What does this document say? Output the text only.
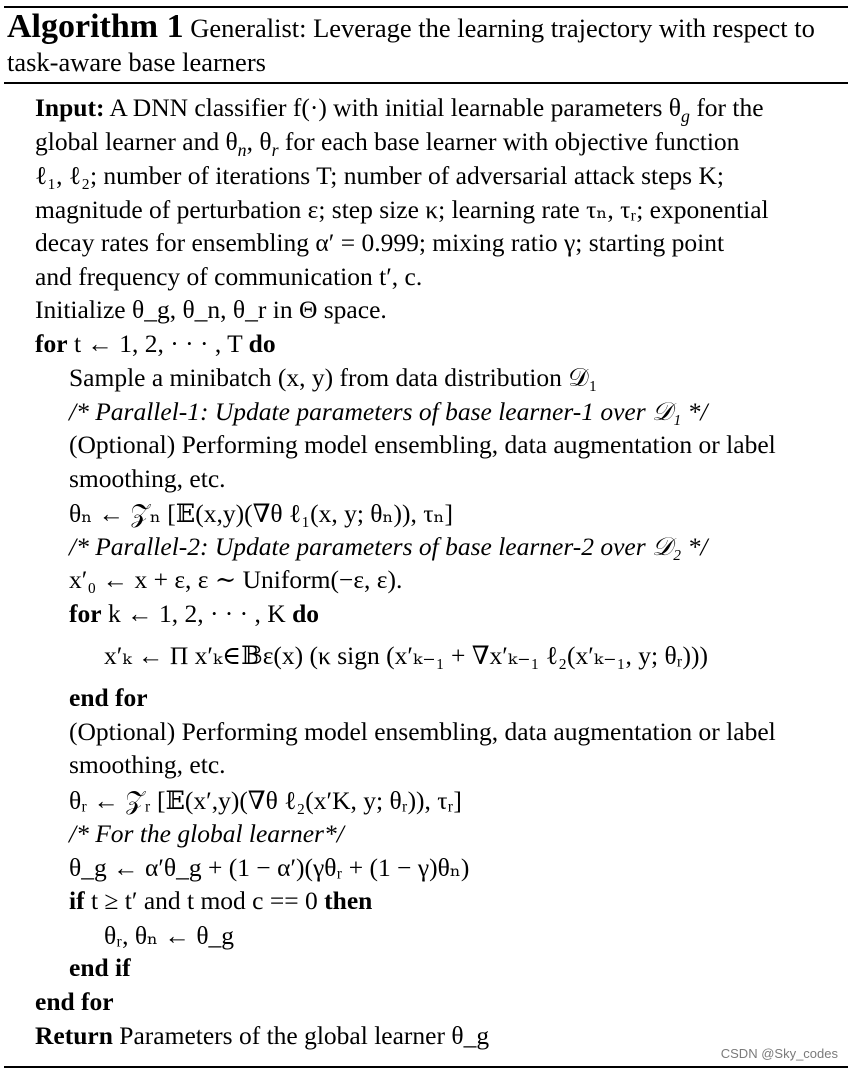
Algorithm 1 Generalist: Leverage the learning trajectory with respect to task-aware base learners
Input: A DNN classifier f(·) with initial learnable parameters $\theta_g$ for the
global learner and $\theta_n$, $\theta_r$ for each base learner with objective function
ℓ₁, ℓ₂; number of iterations T; number of adversarial attack steps K;
magnitude of perturbation ε; step size κ; learning rate τₙ, τᵣ; exponential
decay rates for ensembling α′ = 0.999; mixing ratio γ; starting point
and frequency of communication t′, c.
Initialize θ_g, θ_n, θ_r in Θ space.
for t ← 1, 2, · · · , T do
Sample a minibatch (x, y) from data distribution 𝒟₁
/* Parallel-1: Update parameters of base learner-1 over 𝒟₁ */
(Optional) Performing model ensembling, data augmentation or label
smoothing, etc.
θₙ ← 𝒵ₙ [𝔼(x,y)(∇θ ℓ₁(x, y; θₙ)), τₙ]
/* Parallel-2: Update parameters of base learner-2 over 𝒟₂ */
x′₀ ← x + ε, ε ∼ Uniform(−ε, ε).
for k ← 1, 2, · · · , K do
x′ₖ ← Π x′ₖ∈𝔹ε(x) (κ sign (x′ₖ₋₁ + ∇x′ₖ₋₁ ℓ₂(x′ₖ₋₁, y; θᵣ)))
end for
(Optional) Performing model ensembling, data augmentation or label
smoothing, etc.
θᵣ ← 𝒵ᵣ [𝔼(x′,y)(∇θ ℓ₂(x′K, y; θᵣ)), τᵣ]
/* For the global learner*/
θ_g ← α′θ_g + (1 − α′)(γθᵣ + (1 − γ)θₙ)
if t ≥ t′ and t mod c == 0 then
θᵣ, θₙ ← θ_g
end if
end for
Return Parameters of the global learner θ_g
CSDN @Sky_codes
